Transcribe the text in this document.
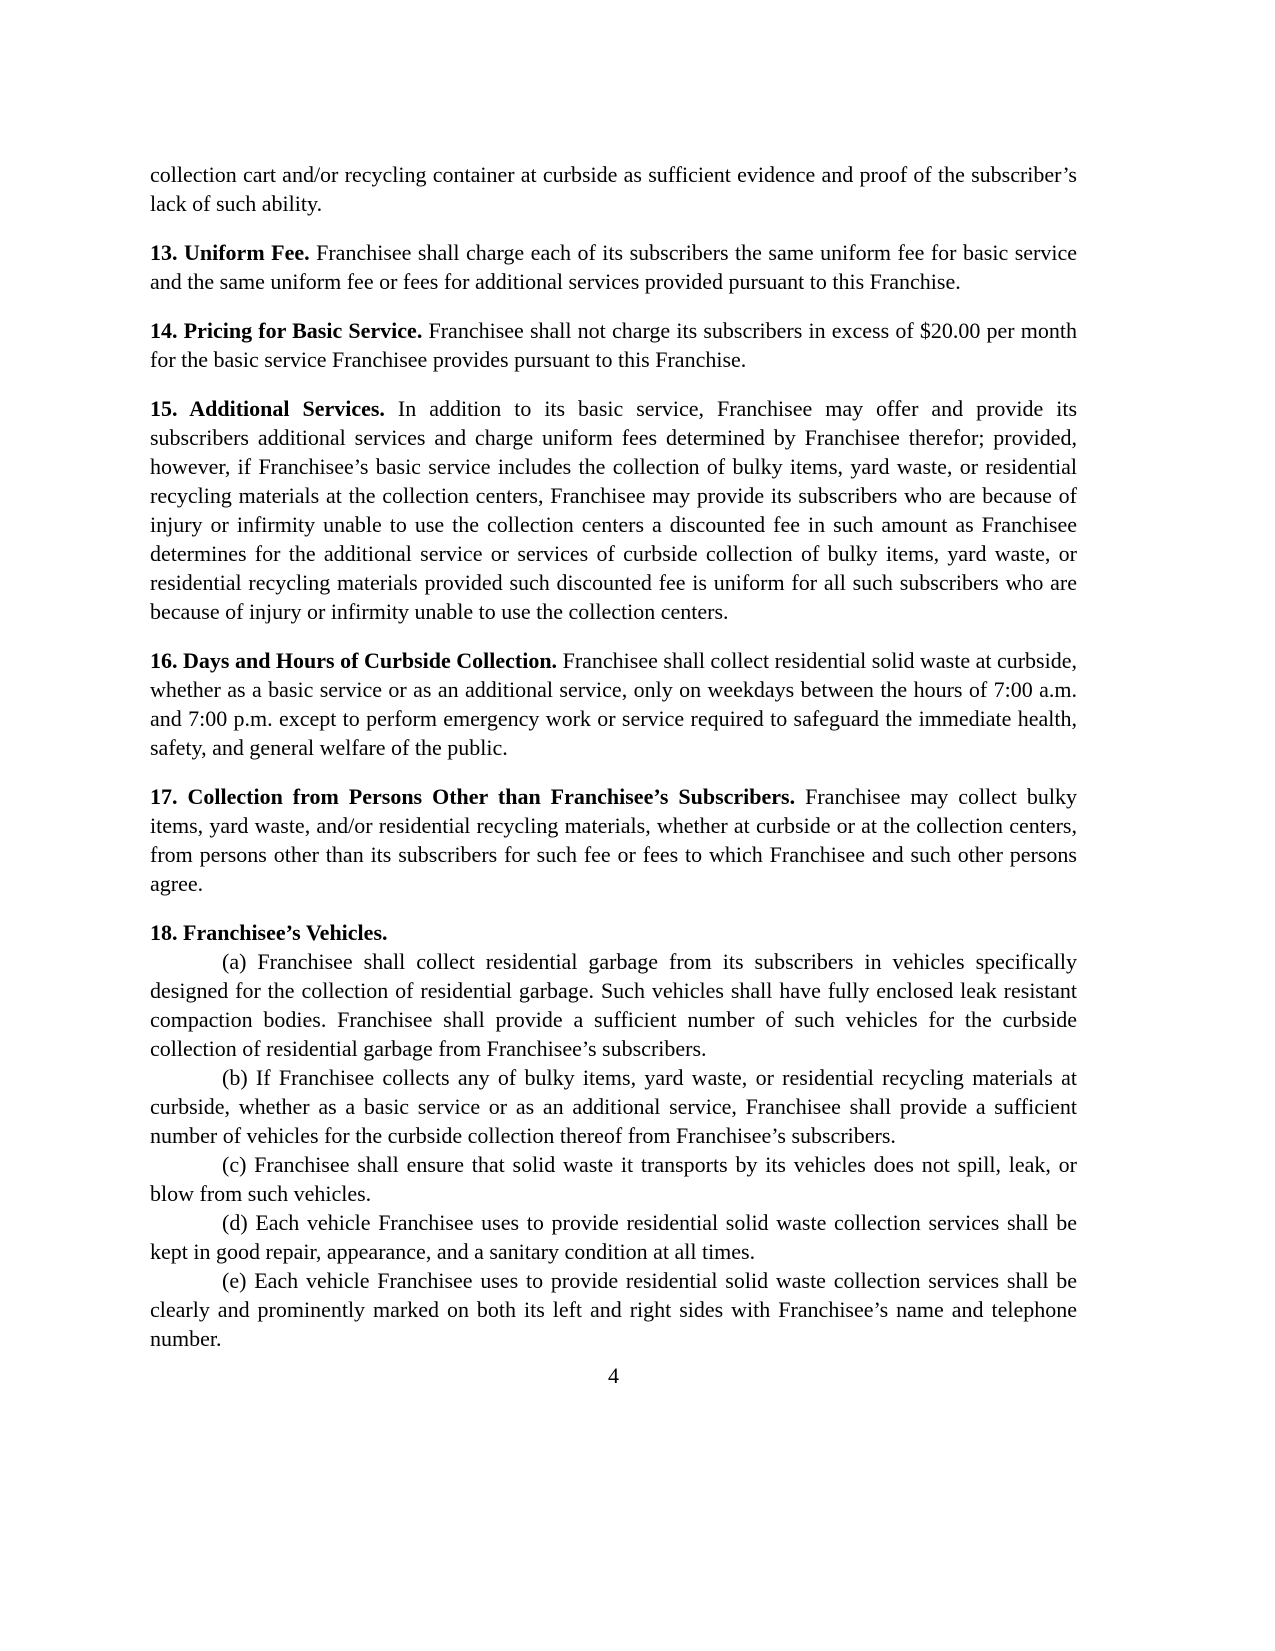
collection cart and/or recycling container at curbside as sufficient evidence and proof of the subscriber’s lack of such ability.

13. Uniform Fee. Franchisee shall charge each of its subscribers the same uniform fee for basic service and the same uniform fee or fees for additional services provided pursuant to this Franchise.

14. Pricing for Basic Service. Franchisee shall not charge its subscribers in excess of $20.00 per month for the basic service Franchisee provides pursuant to this Franchise.

15. Additional Services. In addition to its basic service, Franchisee may offer and provide its subscribers additional services and charge uniform fees determined by Franchisee therefor; provided, however, if Franchisee’s basic service includes the collection of bulky items, yard waste, or residential recycling materials at the collection centers, Franchisee may provide its subscribers who are because of injury or infirmity unable to use the collection centers a discounted fee in such amount as Franchisee determines for the additional service or services of curbside collection of bulky items, yard waste, or residential recycling materials provided such discounted fee is uniform for all such subscribers who are because of injury or infirmity unable to use the collection centers.

16. Days and Hours of Curbside Collection. Franchisee shall collect residential solid waste at curbside, whether as a basic service or as an additional service, only on weekdays between the hours of 7:00 a.m. and 7:00 p.m. except to perform emergency work or service required to safeguard the immediate health, safety, and general welfare of the public.

17. Collection from Persons Other than Franchisee’s Subscribers. Franchisee may collect bulky items, yard waste, and/or residential recycling materials, whether at curbside or at the collection centers, from persons other than its subscribers for such fee or fees to which Franchisee and such other persons agree.

18. Franchisee’s Vehicles.

(a) Franchisee shall collect residential garbage from its subscribers in vehicles specifically designed for the collection of residential garbage. Such vehicles shall have fully enclosed leak resistant compaction bodies. Franchisee shall provide a sufficient number of such vehicles for the curbside collection of residential garbage from Franchisee’s subscribers.

(b) If Franchisee collects any of bulky items, yard waste, or residential recycling materials at curbside, whether as a basic service or as an additional service, Franchisee shall provide a sufficient number of vehicles for the curbside collection thereof from Franchisee’s subscribers.

(c) Franchisee shall ensure that solid waste it transports by its vehicles does not spill, leak, or blow from such vehicles.

(d) Each vehicle Franchisee uses to provide residential solid waste collection services shall be kept in good repair, appearance, and a sanitary condition at all times.

(e) Each vehicle Franchisee uses to provide residential solid waste collection services shall be clearly and prominently marked on both its left and right sides with Franchisee’s name and telephone number.

4
